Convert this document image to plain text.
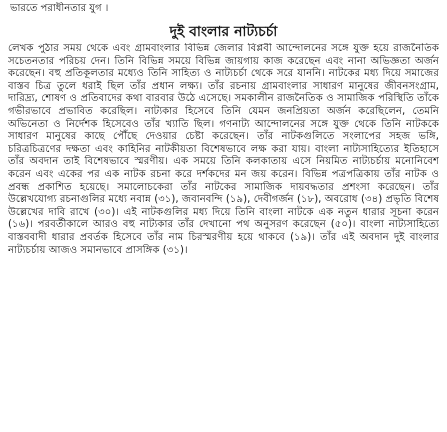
ভারতে পরাধীনতার যুগ ।
দুই বাংলার নাট্যচর্চা

লেখক পুঠার সময় থেকে এবং গ্রামবাংলার বিভিন্ন জেলার বিপ্লবী আন্দোলনের সঙ্গে যুক্ত হয়ে রাজনৈতিক সচেতনতার পরিচয় দেন। তিনি বিভিন্ন সময়ে বিভিন্ন জায়গায় কাজ করেছেন এবং নানা অভিজ্ঞতা অর্জন করেছেন। বহু প্রতিকূলতার মধ্যেও তিনি সাহিত্য ও নাট্যচর্চা থেকে সরে যাননি। নাটকের মধ্য দিয়ে সমাজের বাস্তব চিত্র তুলে ধরাই ছিল তাঁর প্রধান লক্ষ্য। তাঁর রচনায় গ্রামবাংলার সাধারণ মানুষের জীবনসংগ্রাম, দারিদ্র্য, শোষণ ও প্রতিবাদের কথা বারবার উঠে এসেছে। সমকালীন রাজনৈতিক ও সামাজিক পরিস্থিতি তাঁকে গভীরভাবে প্রভাবিত করেছিল। নাট্যকার হিসেবে তিনি যেমন জনপ্রিয়তা অর্জন করেছিলেন, তেমনি অভিনেতা ও নির্দেশক হিসেবেও তাঁর খ্যাতি ছিল। গণনাট্য আন্দোলনের সঙ্গে যুক্ত থেকে তিনি নাটককে সাধারণ মানুষের কাছে পৌঁছে দেওয়ার চেষ্টা করেছেন। তাঁর নাটকগুলিতে সংলাপের সহজ ভঙ্গি, চরিত্রচিত্রণের দক্ষতা এবং কাহিনির নাটকীয়তা বিশেষভাবে লক্ষ করা যায়। বাংলা নাট্যসাহিত্যের ইতিহাসে তাঁর অবদান তাই বিশেষভাবে স্মরণীয়। এক সময়ে তিনি কলকাতায় এসে নিয়মিত নাট্যচর্চায় মনোনিবেশ করেন এবং একের পর এক নাটক রচনা করে দর্শকদের মন জয় করেন। বিভিন্ন পত্রপত্রিকায় তাঁর নাটক ও প্রবন্ধ প্রকাশিত হয়েছে। সমালোচকেরা তাঁর নাটকের সামাজিক দায়বদ্ধতার প্রশংসা করেছেন। তাঁর উল্লেখযোগ্য রচনাগুলির মধ্যে নবান্ন (৩১), জবানবন্দি (১৯), দেবীগর্জন (১৮), অবরোধ (৩৪) প্রভৃতি বিশেষ উল্লেখের দাবি রাখে (৩০)। এই নাটকগুলির মধ্য দিয়ে তিনি বাংলা নাটকে এক নতুন ধারার সূচনা করেন (১৬)। পরবর্তীকালে আরও বহু নাট্যকার তাঁর দেখানো পথ অনুসরণ করেছেন (৫০)। বাংলা নাট্যসাহিত্যে বাস্তববাদী ধারার প্রবর্তক হিসেবে তাঁর নাম চিরস্মরণীয় হয়ে থাকবে (১৯)। তাঁর এই অবদান দুই বাংলার নাট্যচর্চায় আজও সমানভাবে প্রাসঙ্গিক (৩১)।
